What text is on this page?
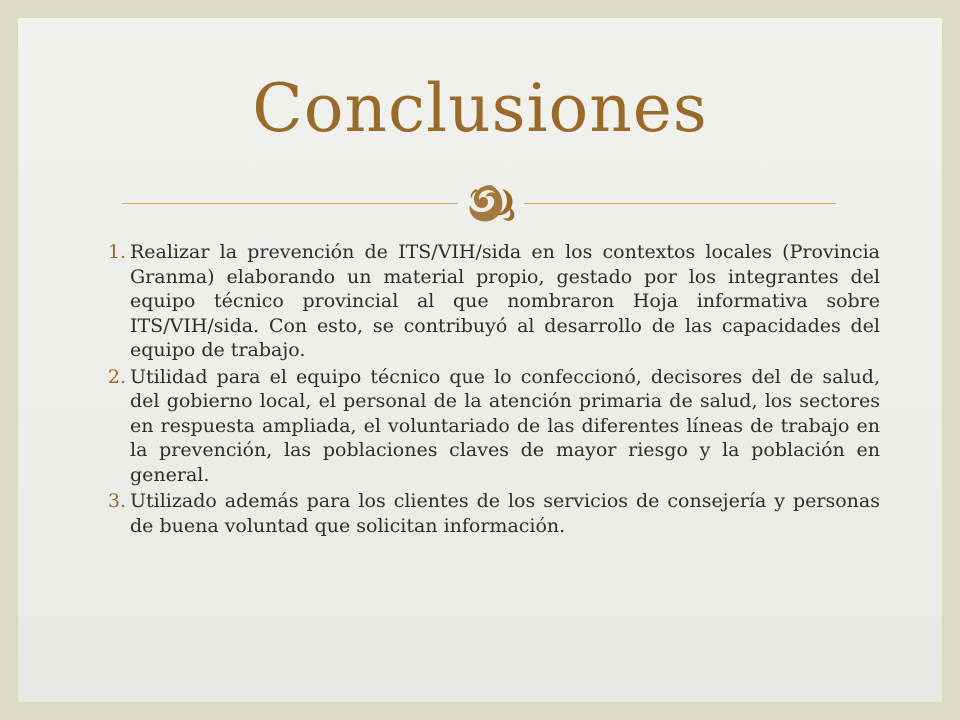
Conclusiones
1. Realizar la prevención de ITS/VIH/sida en los contextos locales (Provincia Granma) elaborando un material propio, gestado por los integrantes del equipo técnico provincial al que nombraron Hoja informativa sobre ITS/VIH/sida. Con esto, se contribuyó al desarrollo de las capacidades del equipo de trabajo.
2. Utilidad para el equipo técnico que lo confeccionó, decisores del de salud, del gobierno local, el personal de la atención primaria de salud, los sectores en respuesta ampliada, el voluntariado de las diferentes líneas de trabajo en la prevención, las poblaciones claves de mayor riesgo y la población en general.
3. Utilizado además para los clientes de los servicios de consejería y personas de buena voluntad que solicitan información.
